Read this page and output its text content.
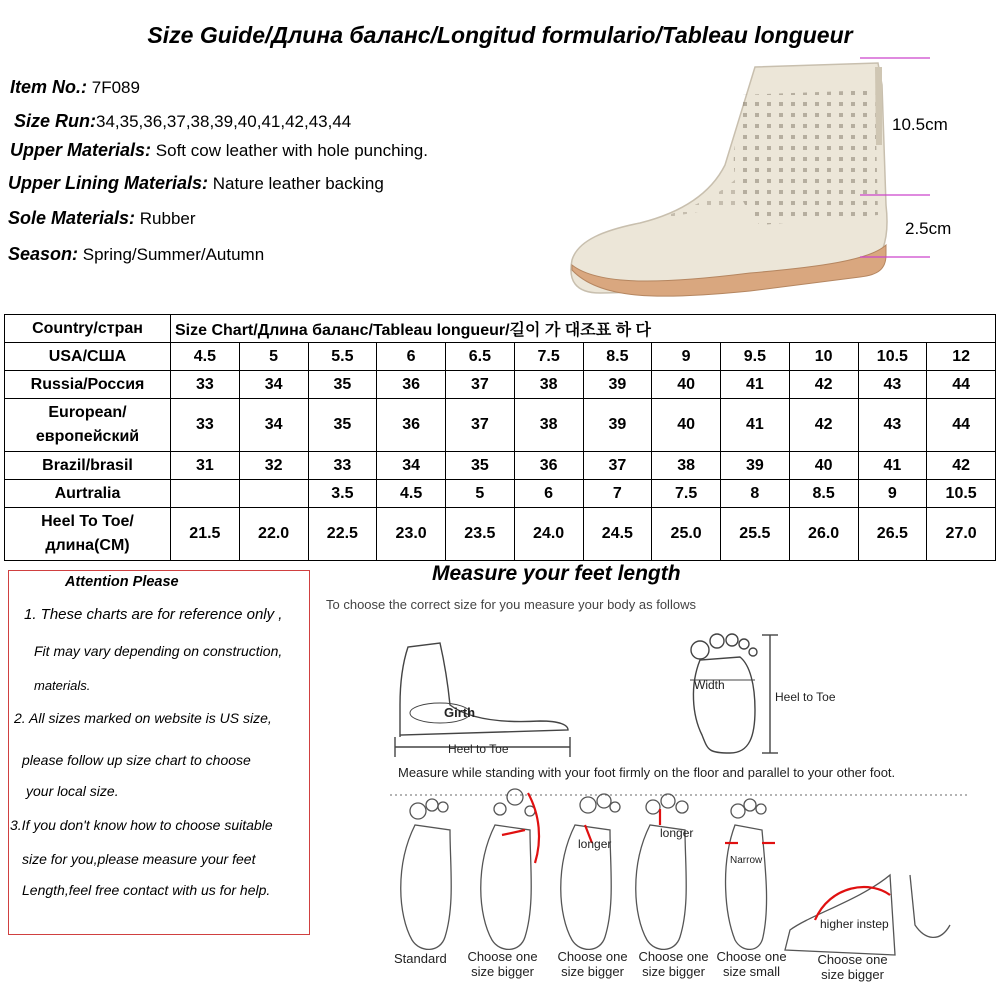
Size Guide/Длина баланс/Longitud formulario/Tableau longueur
Item No.: 7F089
Size Run:34,35,36,37,38,39,40,41,42,43,44
Upper Materials: Soft cow leather with hole punching.
Upper Lining Materials: Nature leather backing
Sole Materials: Rubber
Season: Spring/Summer/Autumn
10.5cm
2.5cm
Country/стран	Size Chart/Длина баланс/Tableau longueur/길이 가 대조표 하 다											
USA/США	4.5	5	5.5	6	6.5	7.5	8.5	9	9.5	10	10.5	12
Russia/Россия	33	34	35	36	37	38	39	40	41	42	43	44
European/европейский	33	34	35	36	37	38	39	40	41	42	43	44
Brazil/brasil	31	32	33	34	35	36	37	38	39	40	41	42
Aurtralia			3.5	4.5	5	6	7	7.5	8	8.5	9	10.5
Heel To Toe/длина(CM)	21.5	22.0	22.5	23.0	23.5	24.0	24.5	25.0	25.5	26.0	26.5	27.0
Attention Please
1. These charts are for reference only ,
Fit may vary depending on construction,
materials.
2. All sizes marked on website is US size,
please follow up size chart to choose
your local size.
3.If you don't know how to choose suitable
size for you,please measure your feet
Length,feel free contact with us for help.
Measure your feet length
To choose the correct size for you measure your body as follows
Girth
Heel to Toe
Width
Heel to Toe
Measure while standing with your foot firmly on the floor and parallel to your other foot.
longer
longer
Narrow
higher instep
Standard Choose one size bigger
Choose one size bigger
Choose one size bigger
Choose one size small
Choose one size bigger
